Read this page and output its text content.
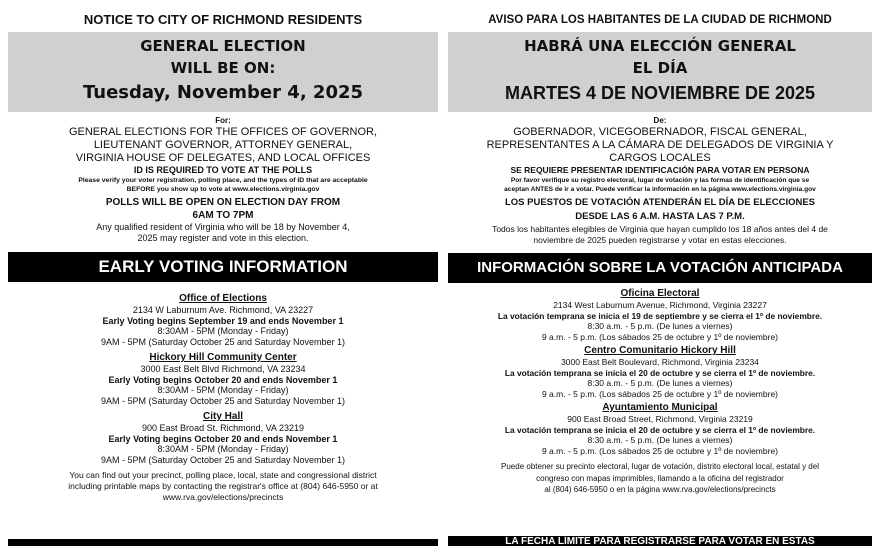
NOTICE TO CITY OF RICHMOND RESIDENTS
GENERAL ELECTION
WILL BE ON:
Tuesday, November 4, 2025
For:
GENERAL ELECTIONS FOR THE OFFICES OF GOVERNOR,
LIEUTENANT GOVERNOR, ATTORNEY GENERAL,
VIRGINIA HOUSE OF DELEGATES, AND LOCAL OFFICES
ID IS REQUIRED TO VOTE AT THE POLLS
Please verify your voter registration, polling place, and the types of ID that are acceptable
BEFORE you show up to vote at www.elections.virginia.gov
POLLS WILL BE OPEN ON ELECTION DAY FROM
6AM TO 7PM
Any qualified resident of Virginia who will be 18 by November 4,
2025 may register and vote in this election.
EARLY VOTING INFORMATION
Office of Elections
2134 W Laburnum Ave. Richmond, VA 23227
Early Voting begins September 19 and ends November 1
8:30AM - 5PM (Monday - Friday)
9AM - 5PM (Saturday October 25 and Saturday November 1)
Hickory Hill Community Center
3000 East Belt Blvd Richmond, VA 23234
Early Voting begins October 20 and ends November 1
8:30AM - 5PM (Monday - Friday)
9AM - 5PM (Saturday October 25 and Saturday November 1)
City Hall
900 East Broad St. Richmond, VA 23219
Early Voting begins October 20 and ends November 1
8:30AM - 5PM (Monday - Friday)
9AM - 5PM (Saturday October 25 and Saturday November 1)
You can find out your precinct, polling place, local, state and congressional district
including printable maps by contacting the registrar's office at (804) 646-5950 or at
www.rva.gov/elections/precincts
AVISO PARA LOS HABITANTES DE LA CIUDAD DE RICHMOND
HABRÁ UNA ELECCIÓN GENERAL
EL DÍA
MARTES 4 DE NOVIEMBRE DE 2025
De:
GOBERNADOR, VICEGOBERNADOR, FISCAL GENERAL,
REPRESENTANTES A LA CÁMARA DE DELEGADOS DE VIRGINIA Y
CARGOS LOCALES
SE REQUIERE PRESENTAR IDENTIFICACIÓN PARA VOTAR EN PERSONA
Por favor verifique su registro electoral, lugar de votación y las formas de identificación que se
aceptan ANTES de ir a votar. Puede verificar la información en la página www.elections.virginia.gov
LOS PUESTOS DE VOTACIÓN ATENDERÁN EL DÍA DE ELECCIONES
DESDE LAS 6 A.M. HASTA LAS 7 P.M.
Todos los habitantes elegibles de Virginia que hayan cumplido los 18 años antes del 4 de
noviembre de 2025 pueden registrarse y votar en estas elecciones.
INFORMACIÓN SOBRE LA VOTACIÓN ANTICIPADA
Oficina Electoral
2134 West Laburnum Avenue, Richmond, Virginia 23227
La votación temprana se inicia el 19 de septiembre y se cierra el 1º de noviembre.
8:30 a.m. - 5 p.m. (De lunes a viernes)
9 a.m. - 5 p.m. (Los sábados 25 de octubre y 1º de noviembre)
Centro Comunitario Hickory Hill
3000 East Belt Boulevard, Richmond, Virginia 23234
La votación temprana se inicia el 20 de octubre y se cierra el 1º de noviembre.
8:30 a.m. - 5 p.m. (De lunes a viernes)
9 a.m. - 5 p.m. (Los sábados 25 de octubre y 1º de noviembre)
Ayuntamiento Municipal
900 East Broad Street, Richmond, Virginia 23219
La votación temprana se inicia el 20 de octubre y se cierra el 1º de noviembre.
8:30 a.m. - 5 p.m. (De lunes a viernes)
9 a.m. - 5 p.m. (Los sábados 25 de octubre y 1º de noviembre)
Puede obtener su precinto electoral, lugar de votación, distrito electoral local, estatal y del
congreso con mapas imprimibles, llamando a la oficina del registrador
al (804) 646-5950 o en la página www.rva.gov/elections/precincts
LA FECHA LÍMITE PARA REGISTRARSE PARA VOTAR EN ESTAS
